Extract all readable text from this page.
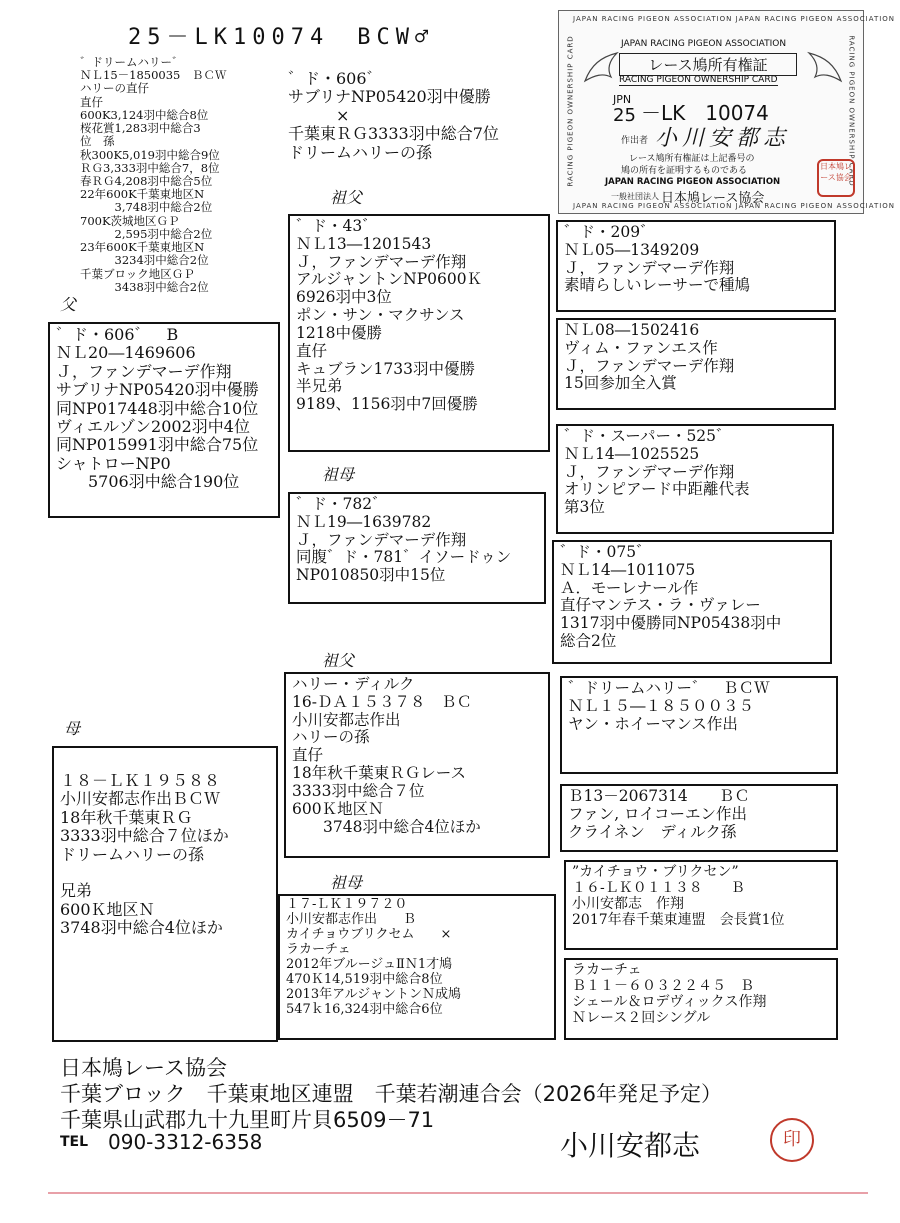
25－LK10074　BCW♂
゛ドリームハリー゛
ＮＬ15－1850035　ＢＣＷ
ハリーの直仔
直仔
600K3,124羽中総合8位
桜花賞1,283羽中総合3
位　孫
秋300K5,019羽中総合9位
ＲＧ3,333羽中総合7，8位
春ＲＧ4,208羽中総合5位
22年600K千葉東地区N
　　　3,748羽中総合2位
700K茨城地区ＧＰ
　　　2,595羽中総合2位
23年600K千葉東地区N
　　　3234羽中総合2位
千葉ブロック地区ＧＰ
　　　3438羽中総合2位
゛ド・606゛
サブリナNP05420羽中優勝
　　　×
千葉東ＲＧ3333羽中総合7位
ドリームハリーの孫
JAPAN RACING PIGEON ASSOCIATION JAPAN RACING PIGEON ASSOCIATION
JAPAN RACING PIGEON ASSOCIATION JAPAN RACING PIGEON ASSOCIATION
RACING PIGEON OWNERSHIP CARD	RACING PIGEON OWNERSHIP CARD
JAPAN RACING PIGEON ASSOCIATION
レース鳩所有権証
RACING PIGEON OWNERSHIP CARD
JPN
25 －LK　10074
作出者 小川安都志
レース鳩所有権証は上記番号の
鳩の所有を証明するものである
JAPAN RACING PIGEON ASSOCIATION
一般社団法人 日本鳩レース協会
日本鳩レース協会
祖父
父
祖母
祖父
母
祖母
゛ド・606゛　B
ＮＬ20―1469606
Ｊ，ファンデマーデ作翔
サブリナNP05420羽中優勝
同NP017448羽中総合10位
ヴィエルゾン2002羽中4位
同NP015991羽中総合75位
シャトローNP0
　　5706羽中総合190位
゛ド・43゛
ＮＬ13―1201543
Ｊ，ファンデマーデ作翔
アルジャントンNP0600Ｋ
6926羽中3位
ポン・サン・マクサンス
1218中優勝
直仔
キュブラン1733羽中優勝
半兄弟
9189、1156羽中7回優勝
゛ド・782゛
ＮＬ19―1639782
Ｊ，ファンデマーデ作翔
同腹゛ド・781゛イソードゥン
NP010850羽中15位
゛ド・209゛
ＮＬ05―1349209
Ｊ，ファンデマーデ作翔
素晴らしいレーサーで種鳩
ＮＬ08―1502416
ヴィム・ファンエス作
Ｊ，ファンデマーデ作翔
15回参加全入賞
゛ド・スーパー・525゛
ＮＬ14―1025525
Ｊ，ファンデマーデ作翔
オリンピアード中距離代表
第3位
゛ド・075゛
ＮＬ14―1011075
Ａ．モーレナール作
直仔マンテス・ラ・ヴァレー
1317羽中優勝同NP05438羽中
総合2位
゛ドリームハリー゛　ＢＣＷ
ＮＬ１５―１８５００３５
ヤン・ホイーマンス作出
Ｂ13－2067314　　ＢＣ
ファン, ロイコーエン作出
クライネン　ディルク孫
”カイチョウ・ブリクセン”
１６-ＬＫ０１１３８　　Ｂ
小川安都志　作翔
2017年春千葉東連盟　会長賞1位
ラカーチェ
Ｂ１１－６０３２２４５　Ｂ
シェール＆ロデヴィックス作翔
Ｎレース２回シングル
１８－ＬＫ１９５８８
小川安都志作出ＢＣＷ
18年秋千葉東ＲＧ
3333羽中総合７位ほか
ドリームハリーの孫

兄弟
600Ｋ地区Ｎ
3748羽中総合4位ほか
ハリー・ディルク
16-ＤＡ１５３７８　ＢＣ
小川安都志作出
ハリーの孫
直仔
18年秋千葉東ＲＧレース
3333羽中総合７位
600Ｋ地区Ｎ
　　3748羽中総合4位ほか
１７-ＬＫ１９７２０
小川安都志作出　　Ｂ
カイチョウブリクセム　　×
ラカーチェ
2012年ブルージュⅡＮ1才鳩
470Ｋ14,519羽中総合8位
2013年アルジャントンＮ成鳩
547ｋ16,324羽中総合6位
日本鳩レース協会
千葉ブロック　千葉東地区連盟　千葉若潮連合会（2026年発足予定）
千葉県山武郡九十九里町片貝6509－71
TEL 090-3312-6358	小川安都志	印
